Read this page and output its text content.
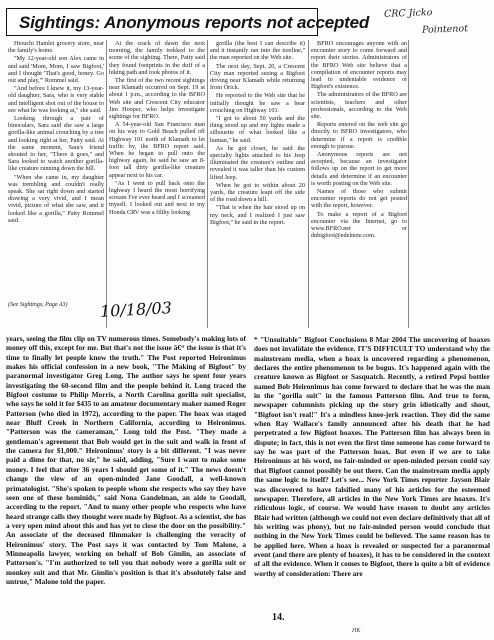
Sightings: Anonymous reports not accepted CRC Jicko
Pointenot

Hiouchi Hamlet grocery store, near the family's home.

"My 12-year-old son Alex came in and said 'Mom, Mom, I saw Bigfoot,' and I thought 'That's good, honey. Go out and play,'" Rommel said.

"And before I knew it, my 13-year-old daughter, Sara, who is very stable and intelligent shot out of the house to see what he was looking at," she said.

Looking through a pair of binoculars, Sara said she saw a large gorilla-like animal crouching by a tree and looking right at her, Patty said. At the same moment, Sara's friend shouted to her, "There it goes," and Sara looked to watch another gorilla-like creature running down the hill.

"When she came in, my daughter was trembling and couldn't really speak. She sat right down and started drawing a very vivid, and I mean vivid, picture of what she saw, and it looked like a gorilla," Patty Rommel said.

At the crack of dawn the next morning, the family trekked to the scene of the sighting. There, Patty said they found footprints in the duff of a hiking path and took photos of it.

The first of the two recent sightings near Klamath occurred on Sept. 19 at about 1 p.m., according to the BFRO Web site and Crescent City educator Jim Hooper, who helps investigate sightings for BFRO.

A 54-year-old San Francisco man on his way to Gold Beach pulled off Highway 101 north of Klamath to let traffic by, the BFRO report said. When he began to pull onto the highway again, he said he saw an 8-foot tall dirty gorilla-like creature appear next to his car.

"As I went to pull back onto the highway I heard the most horrifying scream I've ever heard and I screamed myself. I looked out and next to my Honda CRV was a filthy looking

gorilla (the best I can describe it) and it instantly ran into the treeline," the man reported on the Web site.

The next day, Sept. 20, a Crescent City man reported seeing a Bigfoot driving near Klamath while returning from Orick.

He reported to the Web site that he initially thought he saw a bear crouching on Highway 101.

"I got to about 50 yards and the thing stood up and my lights made a silhouette of what looked like a human," he said.

As he got closer, he said the specialty lights attached to his Jeep illuminated the creature's outline and revealed it was taller than his custom lifted Jeep.

When he got to within about 20 yards, the creature leapt off the side of the road down a hill.

"That is when the hair stood up on my neck, and I realized I just saw Bigfoot," he said in the report.

BFRO encourages anyone with an encounter story to come forward and report their stories. Administrators of the BFRO Web site believe that a compilation of encounter reports may lead to undeniable evidence of Bigfoot's existence.

The administrators of the BFRO are scientists, teachers and other professionals, according to the Web site.

Reports entered on the web site go directly to BFRO investigators, who determine if a report is credible enough to pursue.

Anonymous reports are not accepted, because an investigator follows up on the report to get more details and determine if an encounter is worth posting on the Web site.

Names of those who submit encounter reports do not get posted with the report, however.

To make a report of a Bigfoot encounter via the Internet, go to www.BFRO.net or dnbigfoot@edelnote.com.

(See Sightings, Page A3) 10/18/03

years, seeing the film clip on TV numerous times. Somebody's making lots of money off this, except for me. But that's not the issue â€“ the issue is that it's time to finally let people know the truth." The Post reported Heironimus makes his official confession in a new book, "The Making of Bigfoot" by paranormal investigator Greg Long. The author says he spent four years investigating the 60-second film and the people behind it. Long traced the Bigfoot costume to Philip Morris, a North Carolina gorilla suit specialist, who says he sold it for $435 to an amateur documentary maker named Roger Patterson (who died in 1972), according to the paper. The hoax was staged near Bluff Creek in Northern California, according to Heironimus. "Patterson was the cameraman," Long told the Post. "They made a gentleman's agreement that Bob would get in the suit and walk in front of the camera for $1,000." Heironimus' story is a bit different. "I was never paid a dime for that, no sir," he said, adding, "Sure I want to make some money. I feel that after 36 years I should get some of it." The news doesn't change the view of an open-minded Jane Goodall, a well-known primatologist. "She's spoken to people whom she respects who say they have seen one of these hominids," said Nona Gandelman, an aide to Goodall, according to the report. "And to many other people who respects who have heard strange calls they thought were made by Bigfoot. As a scientist, she has a very open mind about this and has yet to close the door on the possibility." An associate of the deceased filmmaker is challenging the veracity of Heironimus' story. The Post says it was contacted by Tom Malone, a Minneapolis lawyer, working on behalf of Bob Gimlin, an associate of Patterson's. "I'm authorized to tell you that nobody wore a gorilla suit or monkey suit and that Mr. Gimlin's position is that it's absolutely false and untrue," Malone told the paper.

* "Unsuitable" Bigfoot Conclusions 8 Mar 2004 The uncovering of hoaxes does not invalidate the evidence. IT'S DIFFICULT TO understand why the mainstream media, when a hoax is uncovered regarding a phenomenon, declares the entire phenomenon to be bogus. It's happened again with the creature known as Bigfoot or Sasquatch. Recently, a retired Pepsi bottler named Bob Heironimus has come forward to declare that he was the man in the "gorilla suit" in the famous Patterson film. And true to form, newspaper columnists picking up the story grin idiotically and shout, "Bigfoot isn't real!" It's a mindless knee-jerk reaction. They did the same when Ray Wallace's family announced after his death that he had perpetrated a few Bigfoot hoaxes. The Patterson film has always been in dispute; in fact, this is not even the first time someone has come forward to say he was part of the Patterson hoax. But even if we are to take Heironimus at his word, no fair-minded or open-minded person could say that Bigfoot cannot possibly be out there. Can the mainstream media apply the same logic to itself? Let's see... New York Times reporter Jayson Blair was discovered to have falsified many of his articles for the esteemed newspaper. Therefore, all articles in the New York Times are hoaxes. It's ridiculous logic, of course. We would have reason to doubt any articles Blair had written (although we could not even declare definitively that all of his writing was phony), but no fair-minded person would conclude that nothing in the New York Times could be believed. The same reason has to be applied here. When a hoax is revealed or suspected for a paranormal event (and there are plenty of hoaxes), it has to be considered in the context of all the evidence. When it comes to Bigfoot, there is quite a bit of evidence worthy of consideration: There are

14.
HK
